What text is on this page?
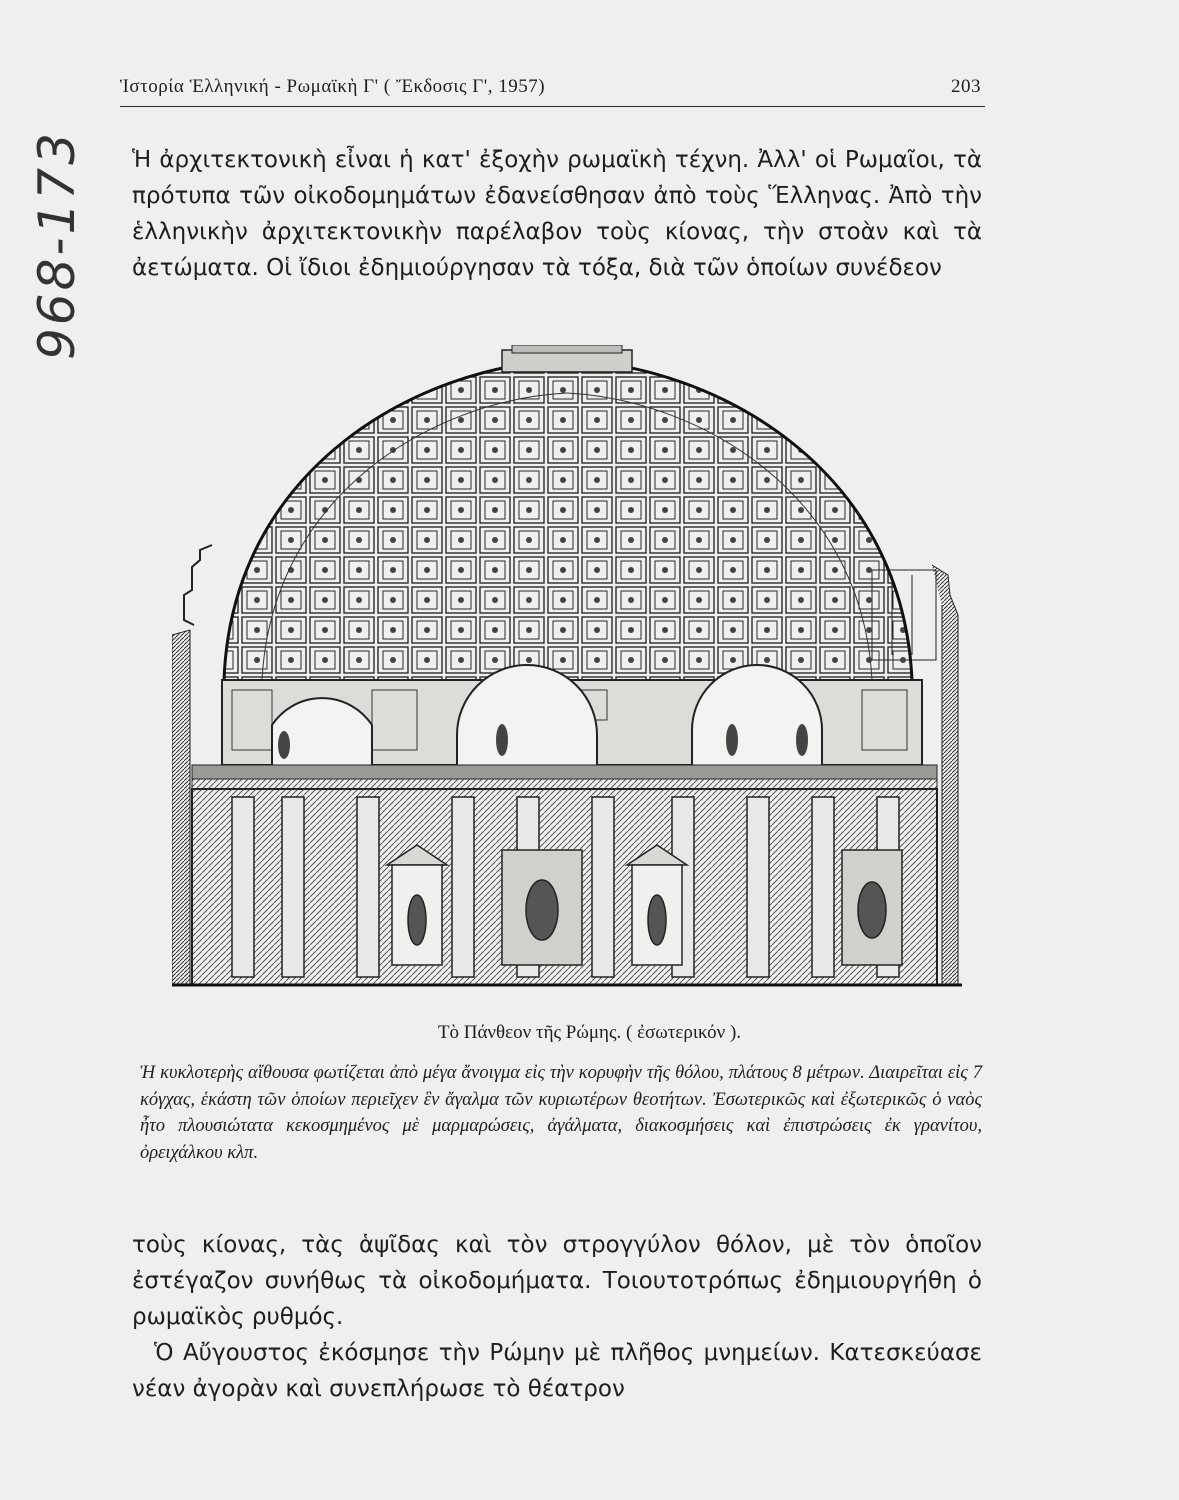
Ἱστορία Ἑλληνική - Ρωμαϊκὴ Γ' ( Ἔκδοσις Γ', 1957)	203
968-173 Ἡ ἀρχιτεκτονικὴ εἶναι ἡ κατ' ἐξοχὴν ρωμαϊκὴ τέχνη. Ἀλλ' οἱ Ρωμαῖοι, τὰ πρότυπα τῶν οἰκοδομημάτων ἐδανείσθησαν ἀπὸ τοὺς Ἕλληνας. Ἀπὸ τὴν ἑλληνικὴν ἀρχιτεκτονικὴν παρέλαβον τοὺς κίονας, τὴν στοὰν καὶ τὰ ἀετώματα. Οἱ ἴδιοι ἐδημιούργησαν τὰ τόξα, διὰ τῶν ὁποίων συνέδεον

Τὸ Πάνθεον τῆς Ρώμης. ( ἐσωτερικόν ).

Ἡ κυκλοτερὴς αἴθουσα φωτίζεται ἀπὸ μέγα ἄνοιγμα εἰς τὴν κορυφὴν τῆς θόλου, πλάτους 8 μέτρων. Διαιρεῖται εἰς 7 κόγχας, ἑκάστη τῶν ὁποίων περιεῖχεν ἓν ἄγαλμα τῶν κυριωτέρων θεοτήτων. Ἐσωτερικῶς καὶ ἐξωτερικῶς ὁ ναὸς ἦτο πλουσιώτατα κεκοσμημένος μὲ μαρμαρώσεις, ἀγάλματα, διακοσμήσεις καὶ ἐπιστρώσεις ἐκ γρανίτου, ὀρειχάλκου κλπ.

τοὺς κίονας, τὰς ἁψῖδας καὶ τὸν στρογγύλον θόλον, μὲ τὸν ὁποῖον ἐστέγαζον συνήθως τὰ οἰκοδομήματα. Τοιουτοτρόπως ἐδημιουργήθη ὁ ρωμαϊκὸς ρυθμός.

Ὁ Αὔγουστος ἐκόσμησε τὴν Ρώμην μὲ πλῆθος μνημείων. Κατεσκεύασε νέαν ἀγορὰν καὶ συνεπλήρωσε τὸ θέατρον
